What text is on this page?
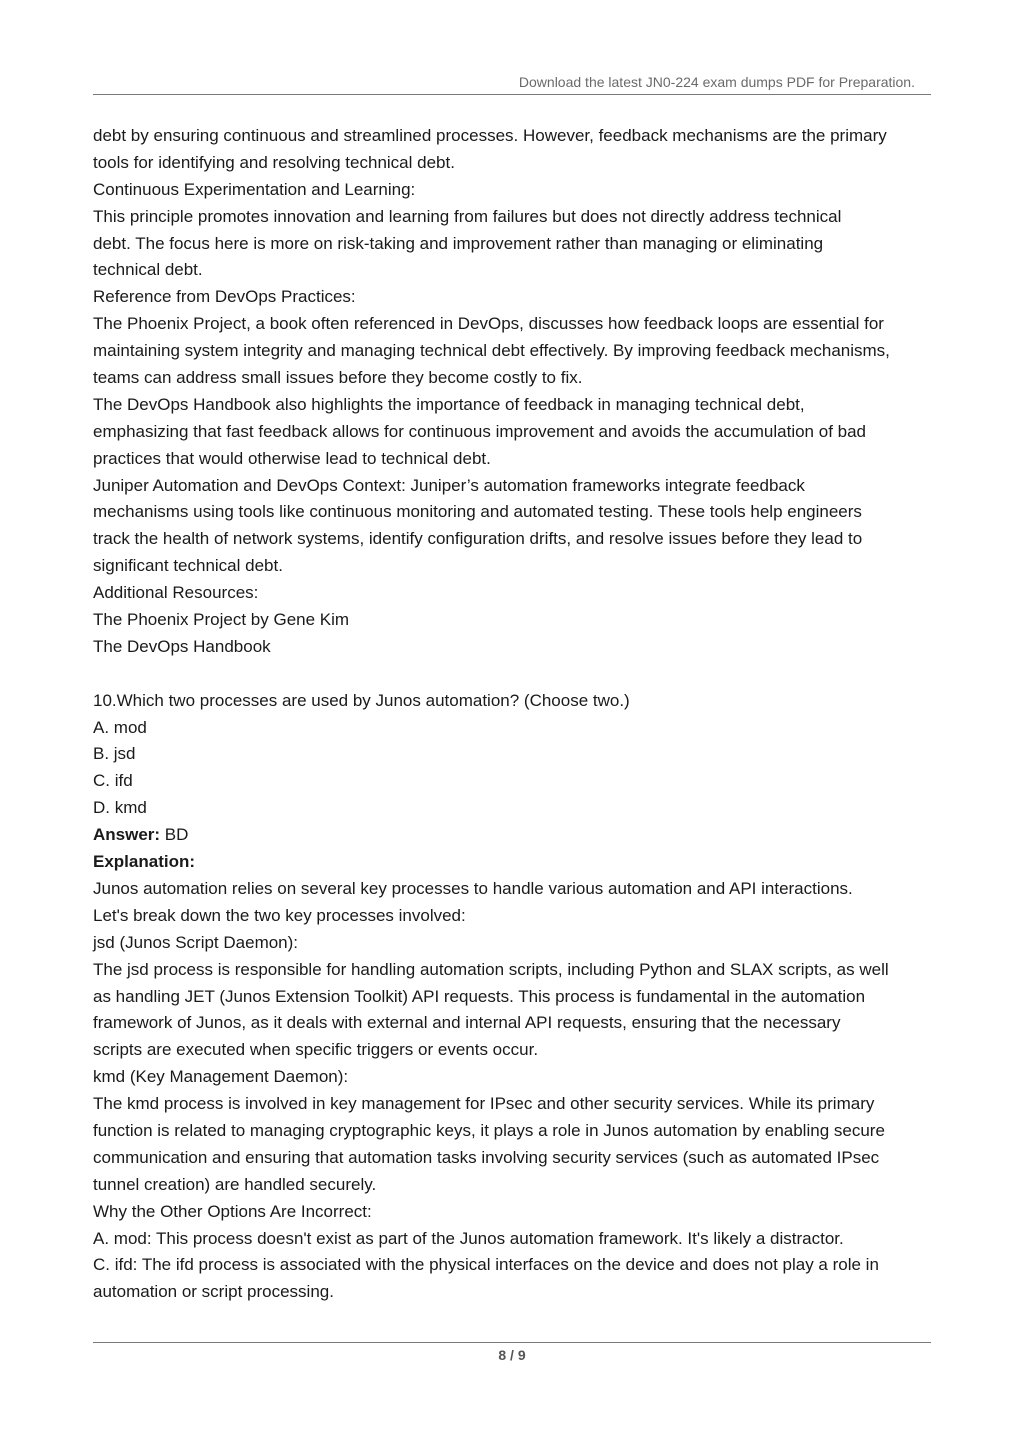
Download the latest JN0-224 exam dumps PDF for Preparation.
debt by ensuring continuous and streamlined processes. However, feedback mechanisms are the primary
tools for identifying and resolving technical debt.
Continuous Experimentation and Learning:
This principle promotes innovation and learning from failures but does not directly address technical
debt. The focus here is more on risk-taking and improvement rather than managing or eliminating
technical debt.
Reference from DevOps Practices:
The Phoenix Project, a book often referenced in DevOps, discusses how feedback loops are essential for
maintaining system integrity and managing technical debt effectively. By improving feedback mechanisms,
teams can address small issues before they become costly to fix.
The DevOps Handbook also highlights the importance of feedback in managing technical debt,
emphasizing that fast feedback allows for continuous improvement and avoids the accumulation of bad
practices that would otherwise lead to technical debt.
Juniper Automation and DevOps Context: Juniper’s automation frameworks integrate feedback
mechanisms using tools like continuous monitoring and automated testing. These tools help engineers
track the health of network systems, identify configuration drifts, and resolve issues before they lead to
significant technical debt.
Additional Resources:
The Phoenix Project by Gene Kim
The DevOps Handbook
10.Which two processes are used by Junos automation? (Choose two.)
A. mod
B. jsd
C. ifd
D. kmd
Answer: BD
Explanation:
Junos automation relies on several key processes to handle various automation and API interactions.
Let's break down the two key processes involved:
jsd (Junos Script Daemon):
The jsd process is responsible for handling automation scripts, including Python and SLAX scripts, as well
as handling JET (Junos Extension Toolkit) API requests. This process is fundamental in the automation
framework of Junos, as it deals with external and internal API requests, ensuring that the necessary
scripts are executed when specific triggers or events occur.
kmd (Key Management Daemon):
The kmd process is involved in key management for IPsec and other security services. While its primary
function is related to managing cryptographic keys, it plays a role in Junos automation by enabling secure
communication and ensuring that automation tasks involving security services (such as automated IPsec
tunnel creation) are handled securely.
Why the Other Options Are Incorrect:
A. mod: This process doesn't exist as part of the Junos automation framework. It's likely a distractor.
C. ifd: The ifd process is associated with the physical interfaces on the device and does not play a role in
automation or script processing.
8 / 9
